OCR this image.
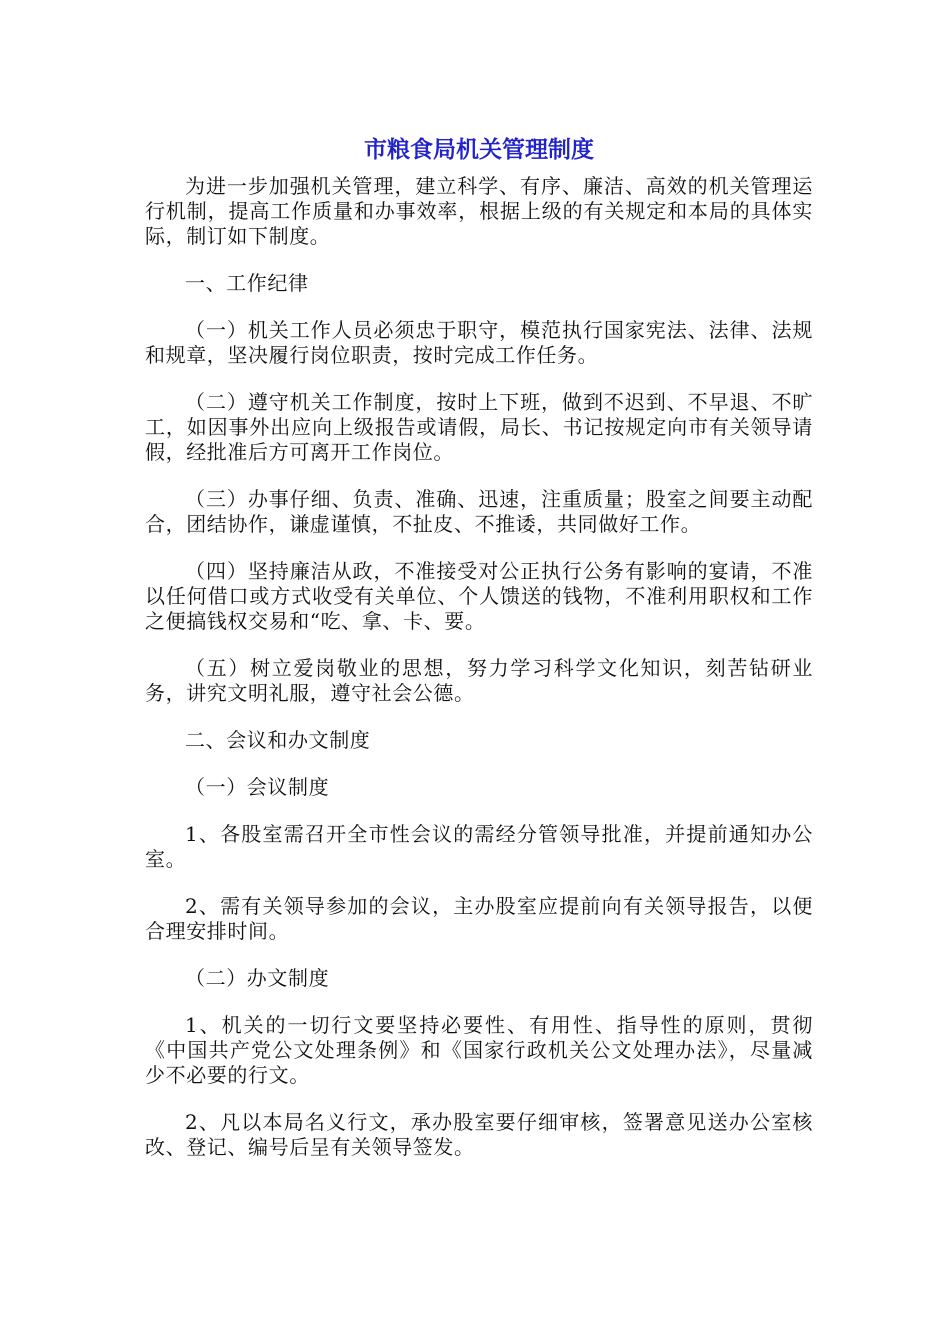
市粮食局机关管理制度

为进一步加强机关管理，建立科学、有序、廉洁、高效的机关管理运行机制，提高工作质量和办事效率，根据上级的有关规定和本局的具体实际，制订如下制度。

一、工作纪律

（一）机关工作人员必须忠于职守，模范执行国家宪法、法律、法规和规章，坚决履行岗位职责，按时完成工作任务。

（二）遵守机关工作制度，按时上下班，做到不迟到、不早退、不旷工，如因事外出应向上级报告或请假，局长、书记按规定向市有关领导请假，经批准后方可离开工作岗位。

（三）办事仔细、负责、准确、迅速，注重质量；股室之间要主动配合，团结协作，谦虚谨慎，不扯皮、不推诿，共同做好工作。

（四）坚持廉洁从政，不准接受对公正执行公务有影响的宴请，不准以任何借口或方式收受有关单位、个人馈送的钱物，不准利用职权和工作之便搞钱权交易和“吃、拿、卡、要。

（五）树立爱岗敬业的思想，努力学习科学文化知识，刻苦钻研业务，讲究文明礼服，遵守社会公德。

二、会议和办文制度

（一）会议制度

1、各股室需召开全市性会议的需经分管领导批准，并提前通知办公室。

2、需有关领导参加的会议，主办股室应提前向有关领导报告，以便合理安排时间。

（二）办文制度

1、机关的一切行文要坚持必要性、有用性、指导性的原则，贯彻《中国共产党公文处理条例》和《国家行政机关公文处理办法》，尽量减少不必要的行文。

2、凡以本局名义行文，承办股室要仔细审核，签署意见送办公室核改、登记、编号后呈有关领导签发。
